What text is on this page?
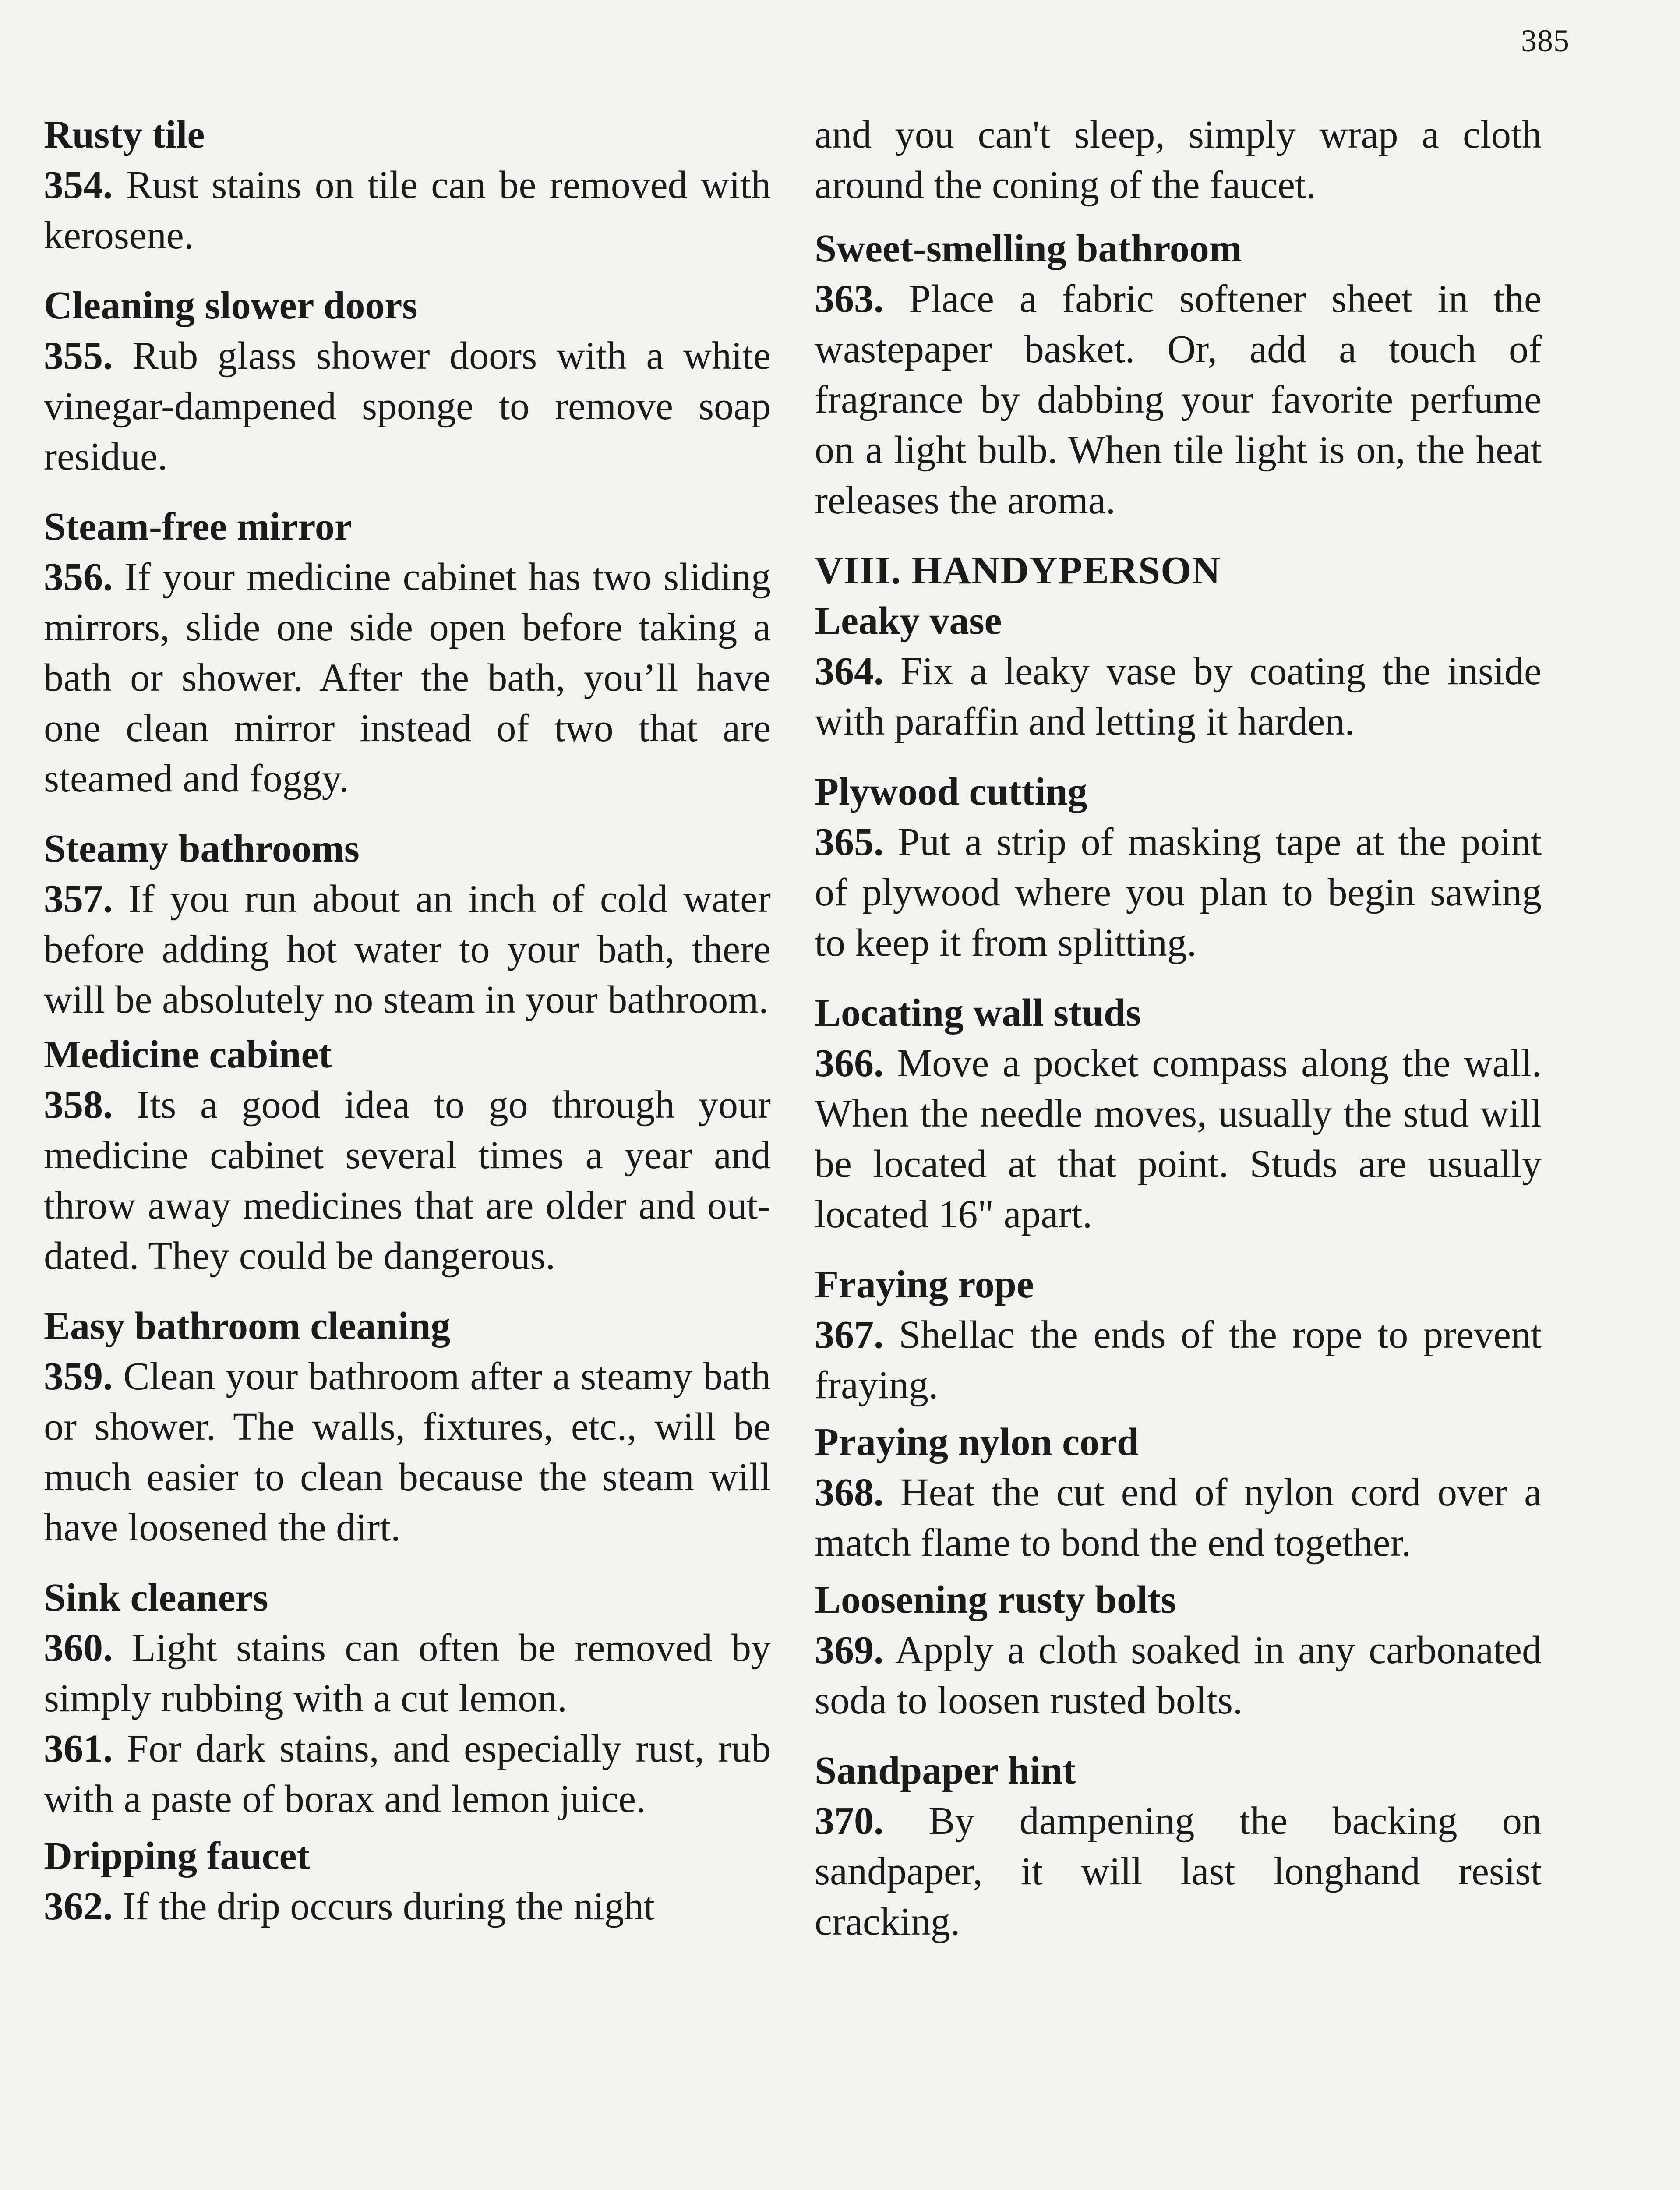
385

Rusty tile

354. Rust stains on tile can be removed with kerosene.

Cleaning slower doors

355. Rub glass shower doors with a white vinegar-dampened sponge to remove soap residue.

Steam-free mirror

356. If your medicine cabinet has two sliding mirrors, slide one side open before taking a bath or shower. After the bath, you’ll have one clean mirror instead of two that are steamed and foggy.

Steamy bathrooms

357. If you run about an inch of cold water before adding hot water to your bath, there will be absolutely no steam in your bathroom.

Medicine cabinet

358. Its a good idea to go through your medicine cabinet several times a year and throw away medicines that are older and out-dated. They could be dangerous.

Easy bathroom cleaning

359. Clean your bathroom after a steamy bath or shower. The walls, fixtures, etc., will be much easier to clean because the steam will have loosened the dirt.

Sink cleaners

360. Light stains can often be removed by simply rubbing with a cut lemon.

361. For dark stains, and especially rust, rub with a paste of borax and lemon juice.

Dripping faucet

362. If the drip occurs during the night

and you can't sleep, simply wrap a cloth around the coning of the faucet.

Sweet-smelling bathroom

363. Place a fabric softener sheet in the wastepaper basket. Or, add a touch of fragrance by dabbing your favorite perfume on a light bulb. When tile light is on, the heat releases the aroma.

VIII. HANDYPERSON

Leaky vase

364. Fix a leaky vase by coating the inside with paraffin and letting it harden.

Plywood cutting

365. Put a strip of masking tape at the point of plywood where you plan to begin sawing to keep it from splitting.

Locating wall studs

366. Move a pocket compass along the wall. When the needle moves, usually the stud will be located at that point. Studs are usually located 16" apart.

Fraying rope

367. Shellac the ends of the rope to prevent fraying.

Praying nylon cord

368. Heat the cut end of nylon cord over a match flame to bond the end together.

Loosening rusty bolts

369. Apply a cloth soaked in any carbonated soda to loosen rusted bolts.

Sandpaper hint

370. By dampening the backing on sandpaper, it will last longhand resist cracking.
